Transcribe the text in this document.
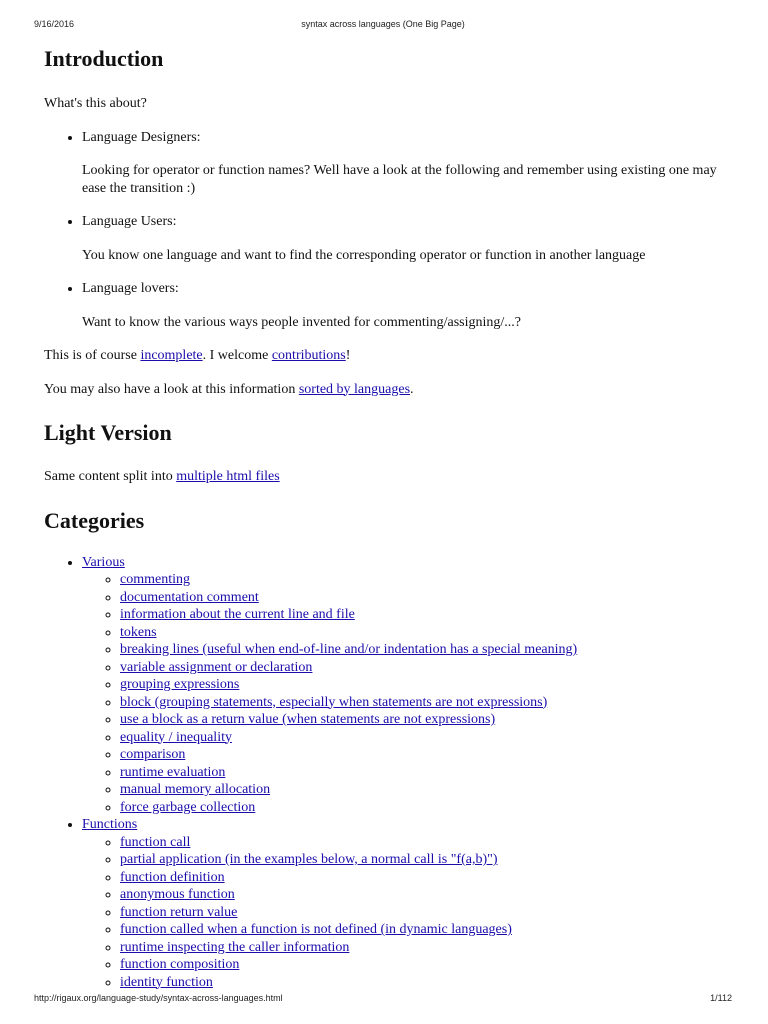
9/16/2016	syntax across languages (One Big Page)
Introduction

What's this about?

• Language Designers:

Looking for operator or function names? Well have a look at the following and remember using existing one may ease the transition :)

• Language Users:

You know one language and want to find the corresponding operator or function in another language

• Language lovers:

Want to know the various ways people invented for commenting/assigning/...?

This is of course incomplete. I welcome contributions!

You may also have a look at this information sorted by languages.

Light Version

Same content split into multiple html files

Categories
• Various
◦ commenting
◦ documentation comment
◦ information about the current line and file
◦ tokens
◦ breaking lines (useful when end-of-line and/or indentation has a special meaning)
◦ variable assignment or declaration
◦ grouping expressions
◦ block (grouping statements, especially when statements are not expressions)
◦ use a block as a return value (when statements are not expressions)
◦ equality / inequality
◦ comparison
◦ runtime evaluation
◦ manual memory allocation
◦ force garbage collection
• Functions
◦ function call
◦ partial application (in the examples below, a normal call is "f(a,b)")
◦ function definition
◦ anonymous function
◦ function return value
◦ function called when a function is not defined (in dynamic languages)
◦ runtime inspecting the caller information
◦ function composition
◦ identity function
http://rigaux.org/language-study/syntax-across-languages.html	1/112
